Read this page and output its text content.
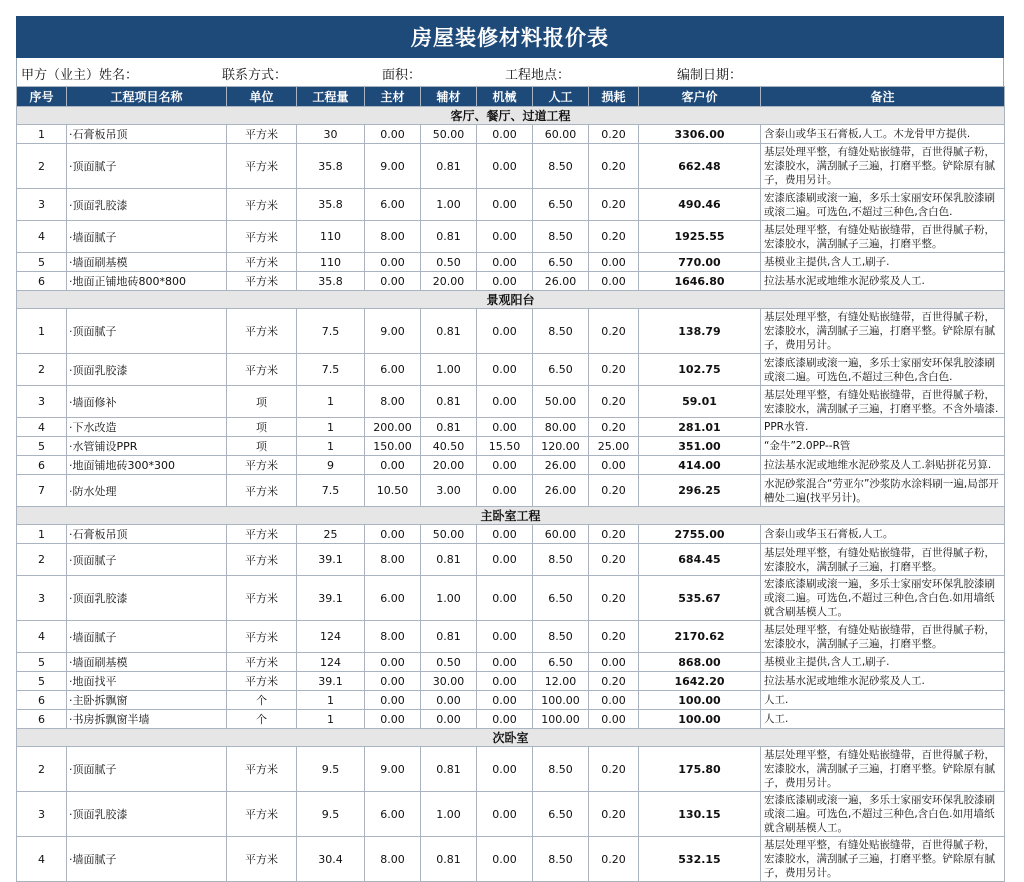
房屋装修材料报价表
甲方（业主）姓名：	联系方式：	面积：	工程地点：	编制日期：
序号	工程项目名称	单位	工程量	主材	辅材	机械	人工	损耗	客户价	备注
客厅、餐厅、过道工程										
1	·石膏板吊顶	平方米	30	0.00	50.00	0.00	60.00	0.20	3306.00	含泰山或华玉石膏板,人工。木龙骨甲方提供.
2	·顶面腻子	平方米	35.8	9.00	0.81	0.00	8.50	0.20	662.48	基层处理平整，有缝处贴嵌缝带，百世得腻子粉，宏漆胶水，满刮腻子三遍，打磨平整。铲除原有腻子，费用另计。
3	·顶面乳胶漆	平方米	35.8	6.00	1.00	0.00	6.50	0.20	490.46	宏漆底漆刷或滚一遍，多乐士家丽安环保乳胶漆刷或滚二遍。可选色,不超过三种色,含白色.
4	·墙面腻子	平方米	110	8.00	0.81	0.00	8.50	0.20	1925.55	基层处理平整，有缝处贴嵌缝带，百世得腻子粉，宏漆胶水，满刮腻子三遍，打磨平整。
5	·墙面刷基模	平方米	110	0.00	0.50	0.00	6.50	0.00	770.00	基模业主提供,含人工,刷子.
6	·地面正铺地砖800*800	平方米	35.8	0.00	20.00	0.00	26.00	0.00	1646.80	拉法基水泥或地维水泥砂浆及人工.
景观阳台										
1	·顶面腻子	平方米	7.5	9.00	0.81	0.00	8.50	0.20	138.79	基层处理平整，有缝处贴嵌缝带，百世得腻子粉，宏漆胶水，满刮腻子三遍，打磨平整。铲除原有腻子，费用另计。
2	·顶面乳胶漆	平方米	7.5	6.00	1.00	0.00	6.50	0.20	102.75	宏漆底漆刷或滚一遍，多乐士家丽安环保乳胶漆刷或滚二遍。可选色,不超过三种色,含白色.
3	·墙面修补	项	1	8.00	0.81	0.00	50.00	0.20	59.01	基层处理平整，有缝处贴嵌缝带，百世得腻子粉，宏漆胶水，满刮腻子三遍，打磨平整。不含外墙漆.
4	·下水改造	项	1	200.00	0.81	0.00	80.00	0.20	281.01	PPR水管.
5	·水管铺设PPR	项	1	150.00	40.50	15.50	120.00	25.00	351.00	“金牛”2.0PP--R管
6	·地面铺地砖300*300	平方米	9	0.00	20.00	0.00	26.00	0.00	414.00	拉法基水泥或地维水泥砂浆及人工.斜贴拼花另算.
7	·防水处理	平方米	7.5	10.50	3.00	0.00	26.00	0.20	296.25	水泥砂浆混合“劳亚尔”沙浆防水涂料刷一遍,局部开槽处二遍(找平另计)。
主卧室工程										
1	·石膏板吊顶	平方米	25	0.00	50.00	0.00	60.00	0.20	2755.00	含泰山或华玉石膏板,人工。
2	·顶面腻子	平方米	39.1	8.00	0.81	0.00	8.50	0.20	684.45	基层处理平整，有缝处贴嵌缝带，百世得腻子粉，宏漆胶水，满刮腻子三遍，打磨平整。
3	·顶面乳胶漆	平方米	39.1	6.00	1.00	0.00	6.50	0.20	535.67	宏漆底漆刷或滚一遍，多乐士家丽安环保乳胶漆刷或滚二遍。可选色,不超过三种色,含白色.如用墙纸就含刷基模人工。
4	·墙面腻子	平方米	124	8.00	0.81	0.00	8.50	0.20	2170.62	基层处理平整，有缝处贴嵌缝带，百世得腻子粉，宏漆胶水，满刮腻子三遍，打磨平整。
5	·墙面刷基模	平方米	124	0.00	0.50	0.00	6.50	0.00	868.00	基模业主提供,含人工,刷子.
5	·地面找平	平方米	39.1	0.00	30.00	0.00	12.00	0.20	1642.20	拉法基水泥或地维水泥砂浆及人工.
6	·主卧拆飘窗	个	1	0.00	0.00	0.00	100.00	0.00	100.00	人工.
6	·书房拆飘窗半墙	个	1	0.00	0.00	0.00	100.00	0.00	100.00	人工.
次卧室										
2	·顶面腻子	平方米	9.5	9.00	0.81	0.00	8.50	0.20	175.80	基层处理平整，有缝处贴嵌缝带，百世得腻子粉，宏漆胶水，满刮腻子三遍，打磨平整。铲除原有腻子，费用另计。
3	·顶面乳胶漆	平方米	9.5	6.00	1.00	0.00	6.50	0.20	130.15	宏漆底漆刷或滚一遍，多乐士家丽安环保乳胶漆刷或滚二遍。可选色,不超过三种色,含白色.如用墙纸就含刷基模人工。
4	·墙面腻子	平方米	30.4	8.00	0.81	0.00	8.50	0.20	532.15	基层处理平整，有缝处贴嵌缝带，百世得腻子粉，宏漆胶水，满刮腻子三遍，打磨平整。铲除原有腻子，费用另计。
